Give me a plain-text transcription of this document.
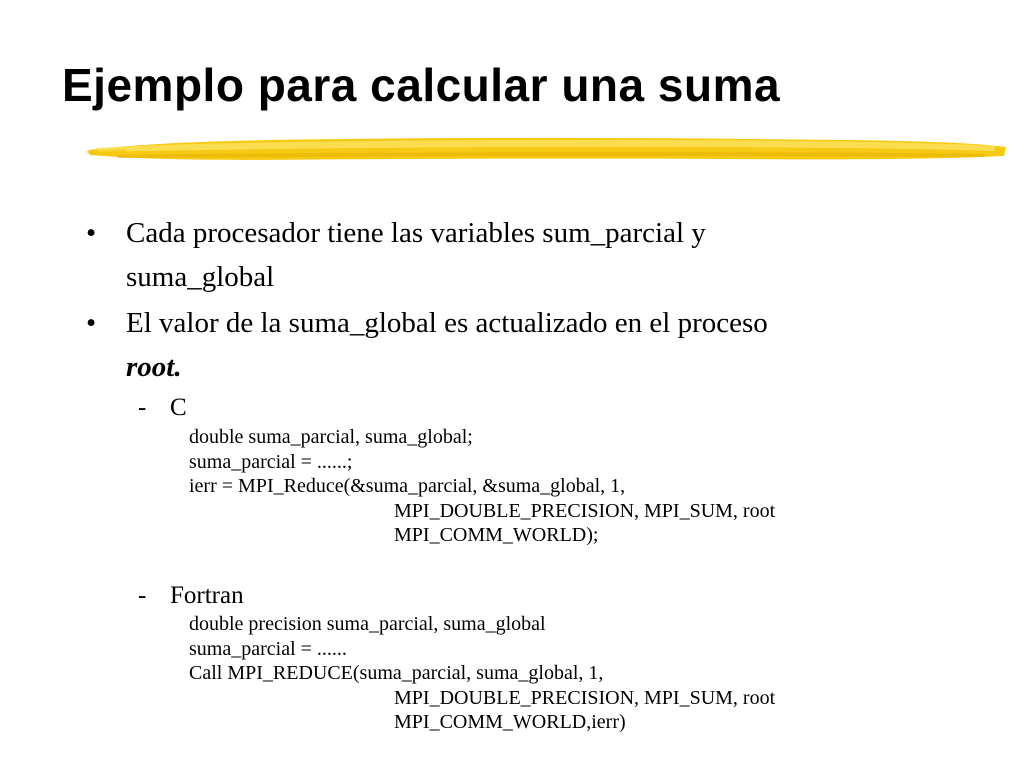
Ejemplo para calcular una suma
•	Cada procesador tiene las variables sum_parcial y
suma_global
•	El valor de la suma_global es actualizado en el proceso
root.
- C
double suma_parcial, suma_global;
suma_parcial = ......;
ierr = MPI_Reduce(&suma_parcial, &suma_global, 1,
MPI_DOUBLE_PRECISION, MPI_SUM, root
MPI_COMM_WORLD);
- Fortran
double precision suma_parcial, suma_global
suma_parcial = ......
Call MPI_REDUCE(suma_parcial, suma_global, 1,
MPI_DOUBLE_PRECISION, MPI_SUM, root
MPI_COMM_WORLD,ierr)
